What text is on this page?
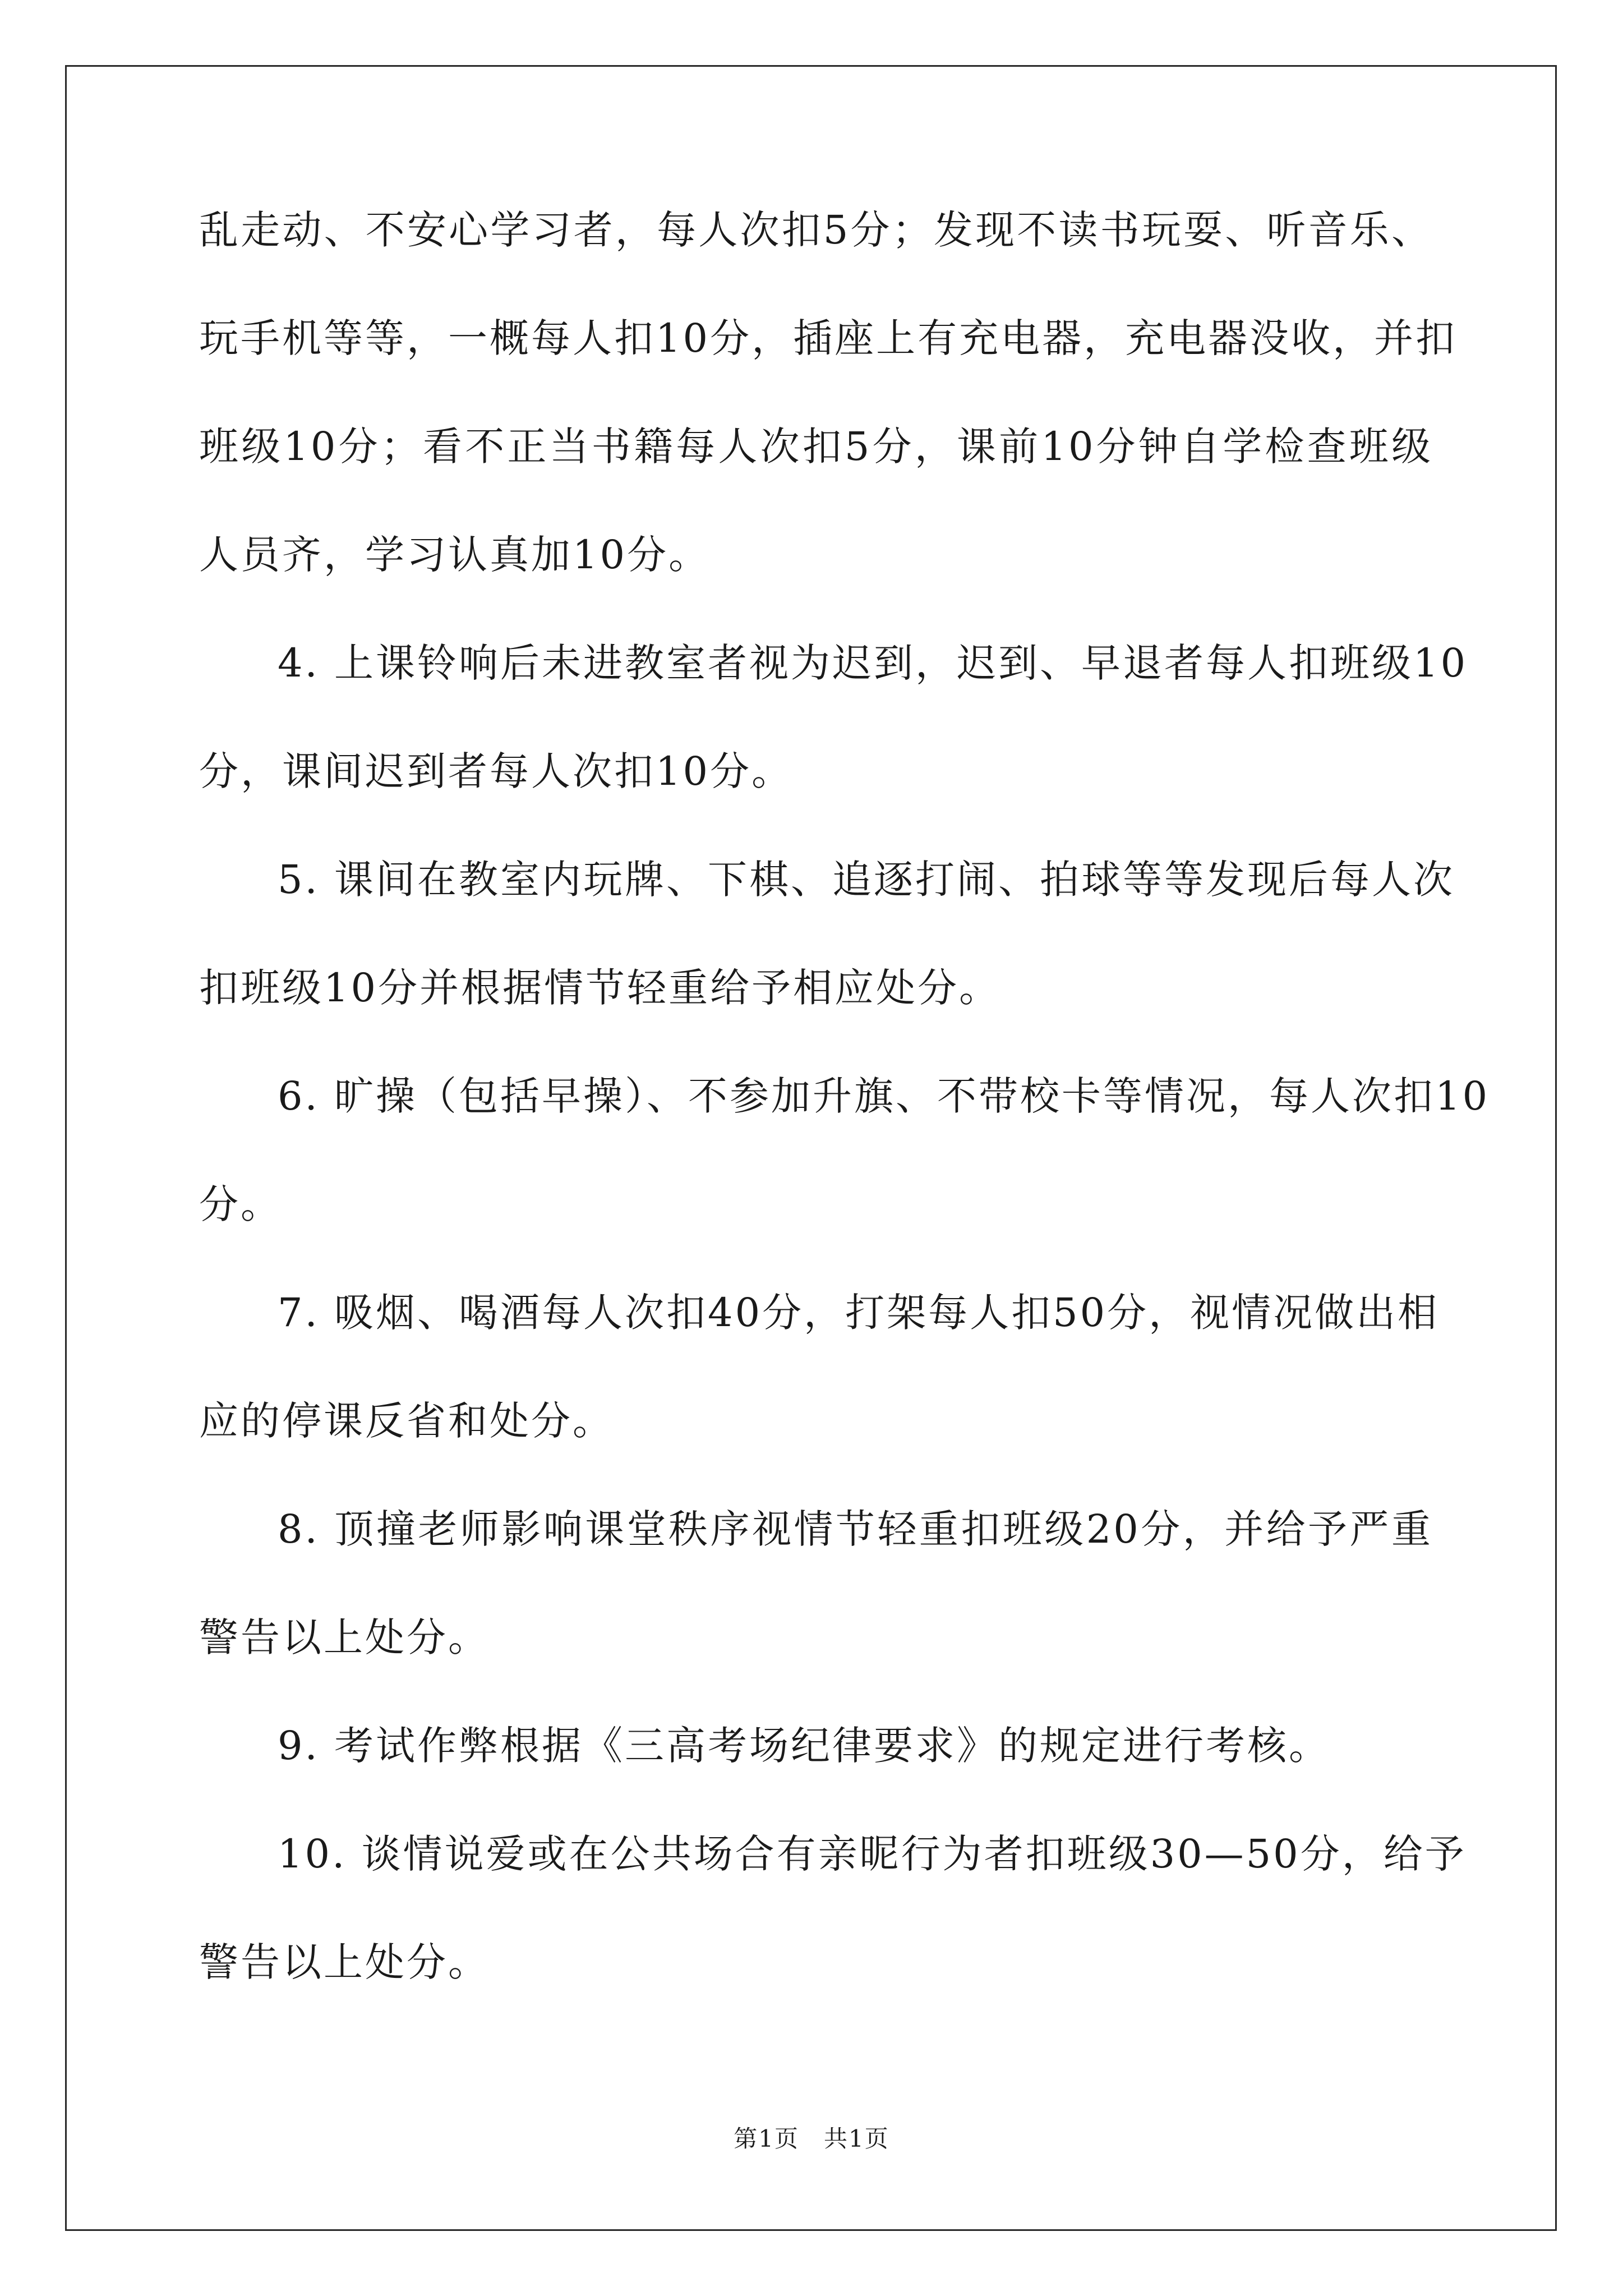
乱走动、不安心学习者，每人次扣5分；发现不读书玩耍、听音乐、
玩手机等等，一概每人扣10分，插座上有充电器，充电器没收，并扣
班级10分；看不正当书籍每人次扣5分，课前10分钟自学检查班级
人员齐，学习认真加10分。
4. 上课铃响后未进教室者视为迟到，迟到、早退者每人扣班级10
分，课间迟到者每人次扣10分。
5. 课间在教室内玩牌、下棋、追逐打闹、拍球等等发现后每人次
扣班级10分并根据情节轻重给予相应处分。
6. 旷操（包括早操）、不参加升旗、不带校卡等情况，每人次扣10
分。
7. 吸烟、喝酒每人次扣40分，打架每人扣50分，视情况做出相
应的停课反省和处分。
8. 顶撞老师影响课堂秩序视情节轻重扣班级20分，并给予严重
警告以上处分。
9. 考试作弊根据《三高考场纪律要求》的规定进行考核。
10. 谈情说爱或在公共场合有亲昵行为者扣班级30—50分，给予
警告以上处分。
第1页　共1页
